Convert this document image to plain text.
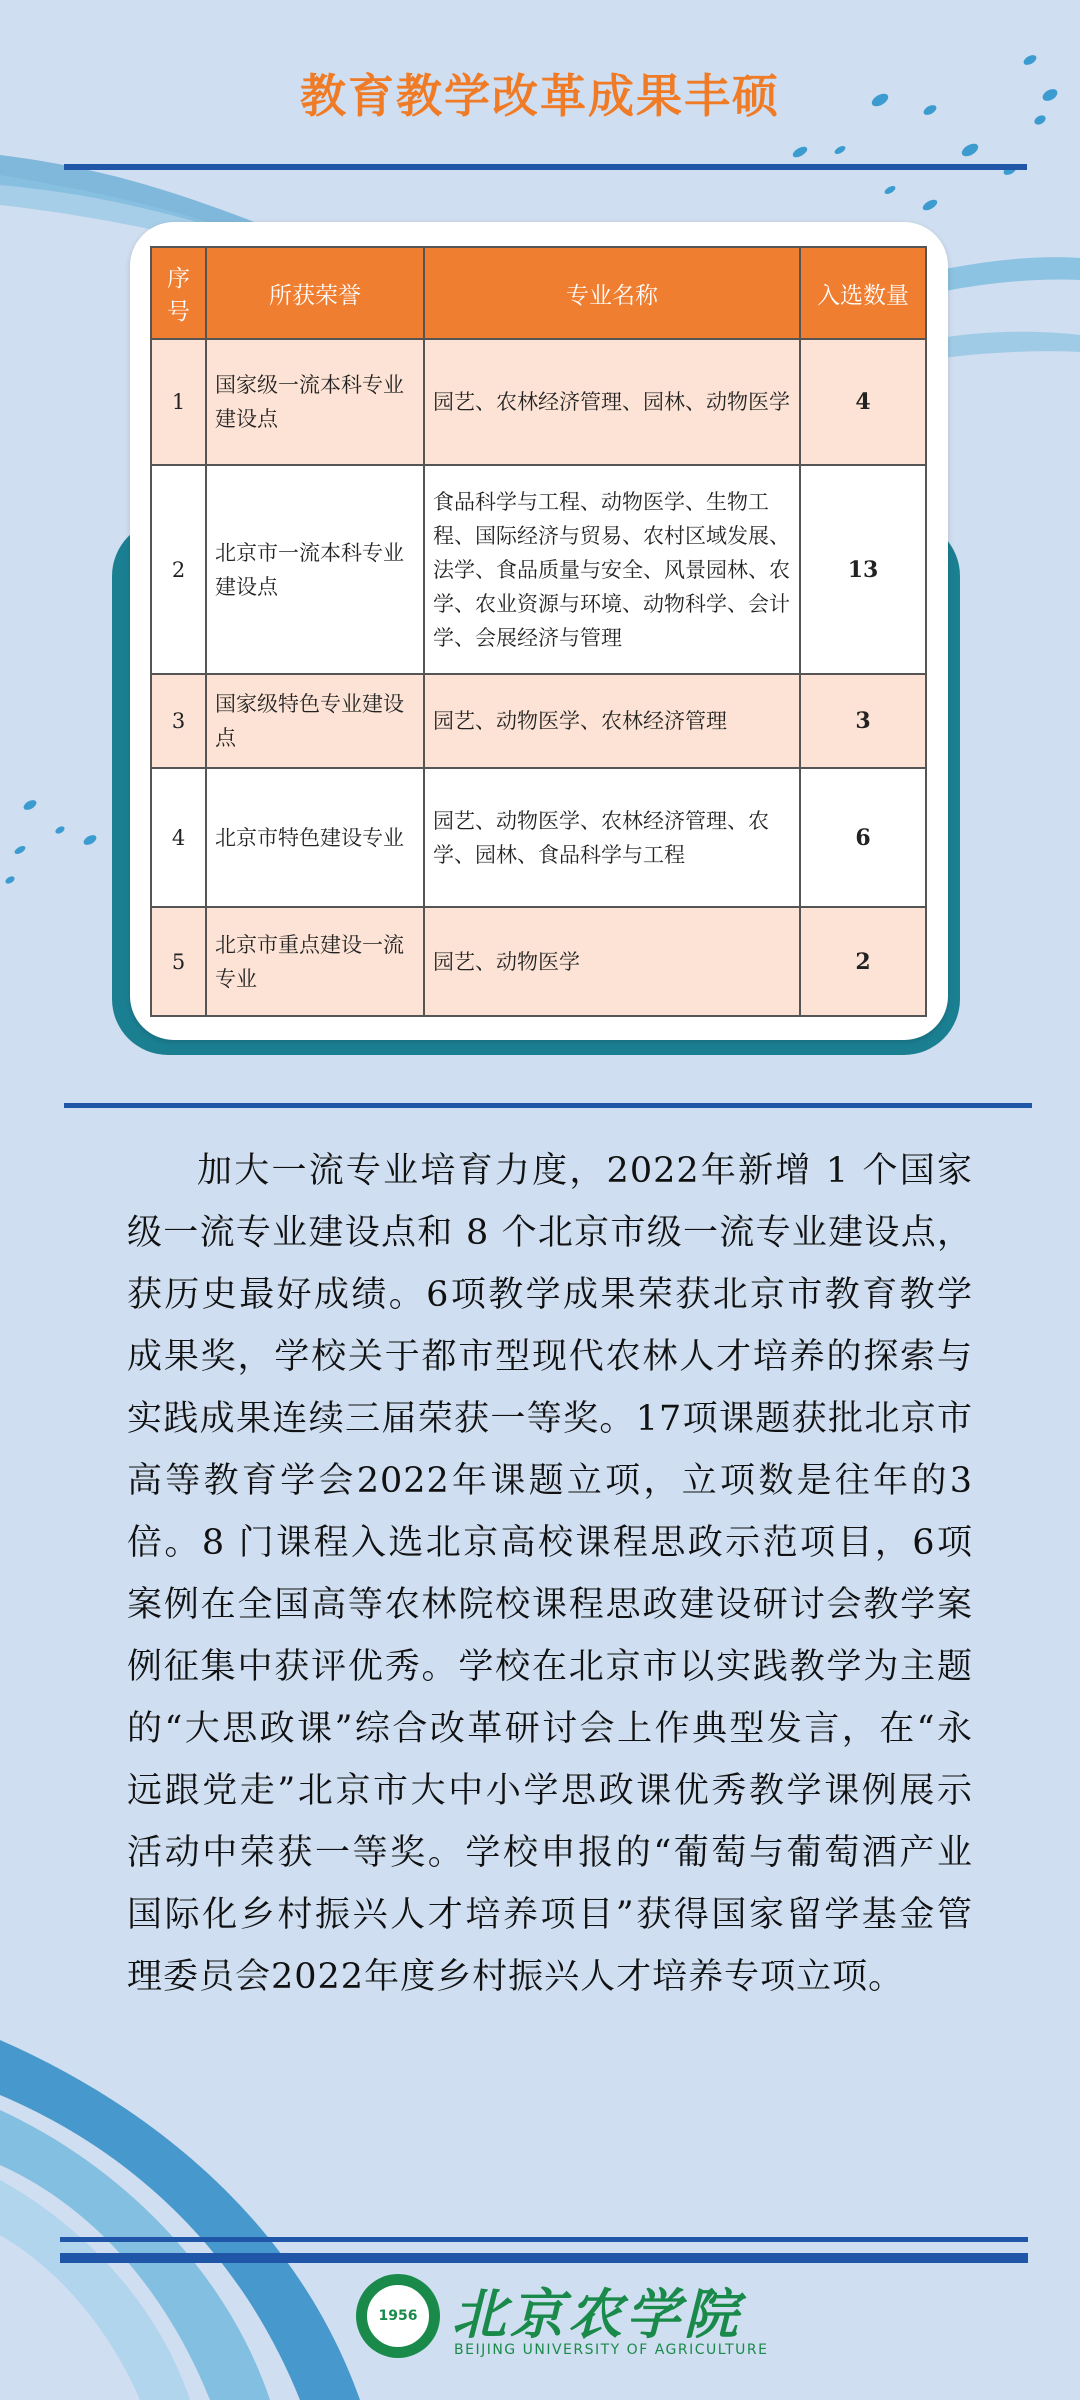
教育教学改革成果丰硕
序号	所获荣誉	专业名称	入选数量
1	国家级一流本科专业建设点	园艺、农林经济管理、园林、动物医学	4
2	北京市一流本科专业建设点	食品科学与工程、动物医学、生物工程、国际经济与贸易、农村区域发展、法学、食品质量与安全、风景园林、农学、农业资源与环境、动物科学、会计学、会展经济与管理	13
3	国家级特色专业建设点	园艺、动物医学、农林经济管理	3
4	北京市特色建设专业	园艺、动物医学、农林经济管理、农学、园林、食品科学与工程	6
5	北京市重点建设一流专业	园艺、动物医学	2

加大一流专业培育力度，2022年新增 1 个国家级一流专业建设点和 8 个北京市级一流专业建设点，获历史最好成绩。6项教学成果荣获北京市教育教学成果奖，学校关于都市型现代农林人才培养的探索与实践成果连续三届荣获一等奖。17项课题获批北京市高等教育学会2022年课题立项，立项数是往年的3倍。8 门课程入选北京高校课程思政示范项目，6项案例在全国高等农林院校课程思政建设研讨会教学案例征集中获评优秀。学校在北京市以实践教学为主题的“大思政课”综合改革研讨会上作典型发言，在“永远跟党走”北京市大中小学思政课优秀教学课例展示活动中荣获一等奖。学校申报的“葡萄与葡萄酒产业国际化乡村振兴人才培养项目”获得国家留学基金管理委员会2022年度乡村振兴人才培养专项立项。

1956 北京农学院
BEIJING UNIVERSITY OF AGRICULTURE
